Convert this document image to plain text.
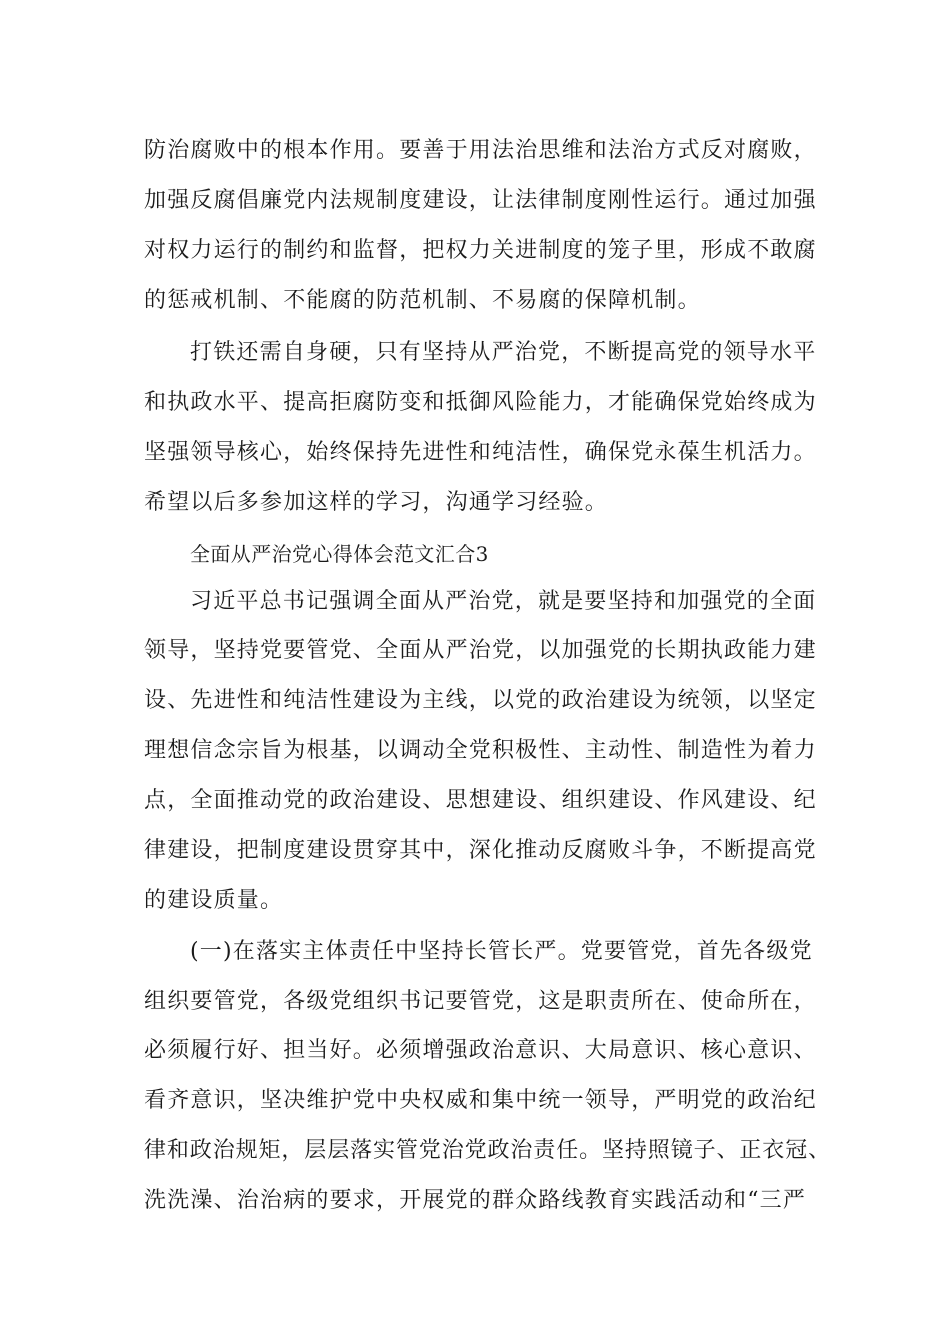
防治腐败中的根本作用。要善于用法治思维和法治方式反对腐败，

加强反腐倡廉党内法规制度建设，让法律制度刚性运行。通过加强

对权力运行的制约和监督，把权力关进制度的笼子里，形成不敢腐

的惩戒机制、不能腐的防范机制、不易腐的保障机制。

打铁还需自身硬，只有坚持从严治党，不断提高党的领导水平

和执政水平、提高拒腐防变和抵御风险能力，才能确保党始终成为

坚强领导核心，始终保持先进性和纯洁性，确保党永葆生机活力。

希望以后多参加这样的学习，沟通学习经验。

全面从严治党心得体会范文汇合3

习近平总书记强调全面从严治党，就是要坚持和加强党的全面

领导，坚持党要管党、全面从严治党，以加强党的长期执政能力建

设、先进性和纯洁性建设为主线，以党的政治建设为统领，以坚定

理想信念宗旨为根基，以调动全党积极性、主动性、制造性为着力

点，全面推动党的政治建设、思想建设、组织建设、作风建设、纪

律建设，把制度建设贯穿其中，深化推动反腐败斗争，不断提高党

的建设质量。

(一)在落实主体责任中坚持长管长严。党要管党，首先各级党

组织要管党，各级党组织书记要管党，这是职责所在、使命所在，

必须履行好、担当好。必须增强政治意识、大局意识、核心意识、

看齐意识，坚决维护党中央权威和集中统一领导，严明党的政治纪

律和政治规矩，层层落实管党治党政治责任。坚持照镜子、正衣冠、

洗洗澡、治治病的要求，开展党的群众路线教育实践活动和“三严
